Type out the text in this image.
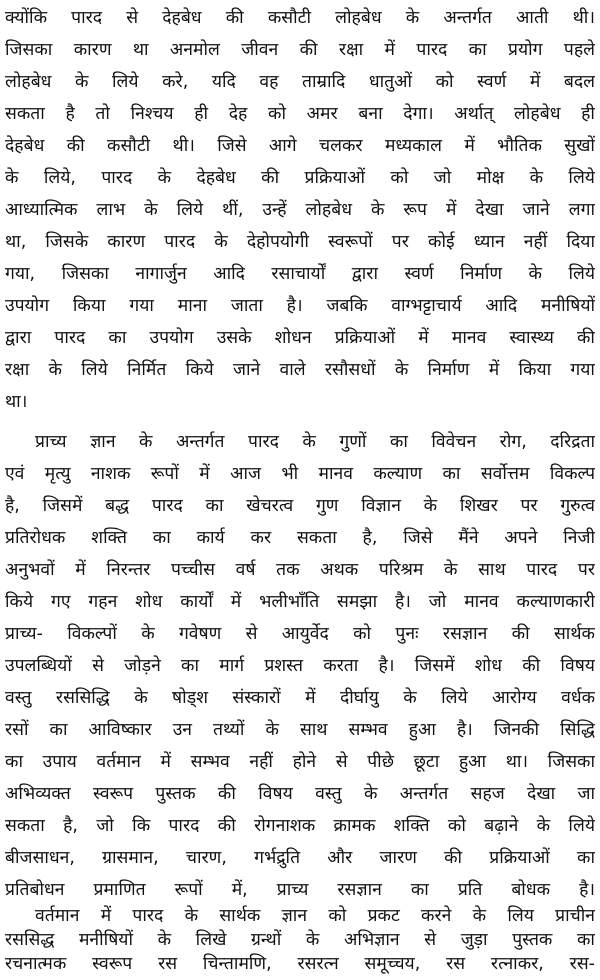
क्योंकि पारद से देहबेध की कसौटी लोहबेध के अन्तर्गत आती थी।
जिसका कारण था अनमोल जीवन की रक्षा में पारद का प्रयोग पहले
लोहबेध के लिये करे, यदि वह ताम्रादि धातुओं को स्वर्ण में बदल
सकता है तो निश्चय ही देह को अमर बना देगा। अर्थात् लोहबेध ही
देहबेध की कसौटी थी। जिसे आगे चलकर मध्यकाल में भौतिक सुखों
के लिये, पारद के देहबेध की प्रक्रियाओं को जो मोक्ष के लिये
आध्यात्मिक लाभ के लिये थीं, उन्हें लोहबेध के रूप में देखा जाने लगा
था, जिसके कारण पारद के देहोपयोगी स्वरूपों पर कोई ध्यान नहीं दिया
गया, जिसका नागार्जुन आदि रसाचार्यों द्वारा स्वर्ण निर्माण के लिये
उपयोग किया गया माना जाता है। जबकि वाग्भट्टाचार्य आदि मनीषियों
द्वारा पारद का उपयोग उसके शोधन प्रक्रियाओं में मानव स्वास्थ्य की
रक्षा के लिये निर्मित किये जाने वाले रसौसधों के निर्माण में किया गया
था।
प्राच्य ज्ञान के अन्तर्गत पारद के गुणों का विवेचन रोग, दरिद्रता
एवं मृत्यु नाशक रूपों में आज भी मानव कल्याण का सर्वोत्तम विकल्प
है, जिसमें बद्ध पारद का खेचरत्व गुण विज्ञान के शिखर पर गुरुत्व
प्रतिरोधक शक्ति का कार्य कर सकता है, जिसे मैंने अपने निजी
अनुभवों में निरन्तर पच्चीस वर्ष तक अथक परिश्रम के साथ पारद पर
किये गए गहन शोध कार्यों में भलीभाँति समझा है। जो मानव कल्याणकारी
प्राच्य- विकल्पों के गवेषण से आयुर्वेद को पुनः रसज्ञान की सार्थक
उपलब्धियों से जोड़ने का मार्ग प्रशस्त करता है। जिसमें शोध की विषय
वस्तु रससिद्धि के षोड्श संस्कारों में दीर्घायु के लिये आरोग्य वर्धक
रसों का आविष्कार उन तथ्यों के साथ सम्भव हुआ है। जिनकी सिद्धि
का उपाय वर्तमान में सम्भव नहीं होने से पीछे छूटा हुआ था। जिसका
अभिव्यक्त स्वरूप पुस्तक की विषय वस्तु के अन्तर्गत सहज देखा जा
सकता है, जो कि पारद की रोगनाशक क्रामक शक्ति को बढ़ाने के लिये
बीजसाधन, ग्रासमान, चारण, गर्भद्रुति और जारण की प्रक्रियाओं का
प्रतिबोधन प्रमाणित रूपों में, प्राच्य रसज्ञान का प्रति बोधक है।
वर्तमान में पारद के सार्थक ज्ञान को प्रकट करने के लिय प्राचीन
रससिद्ध मनीषियों के लिखे ग्रन्थों के अभिज्ञान से जुड़ा पुस्तक का
रचनात्मक स्वरूप रस चिन्तामणि, रसरत्न समूच्चय, रस रत्नाकर, रस-
